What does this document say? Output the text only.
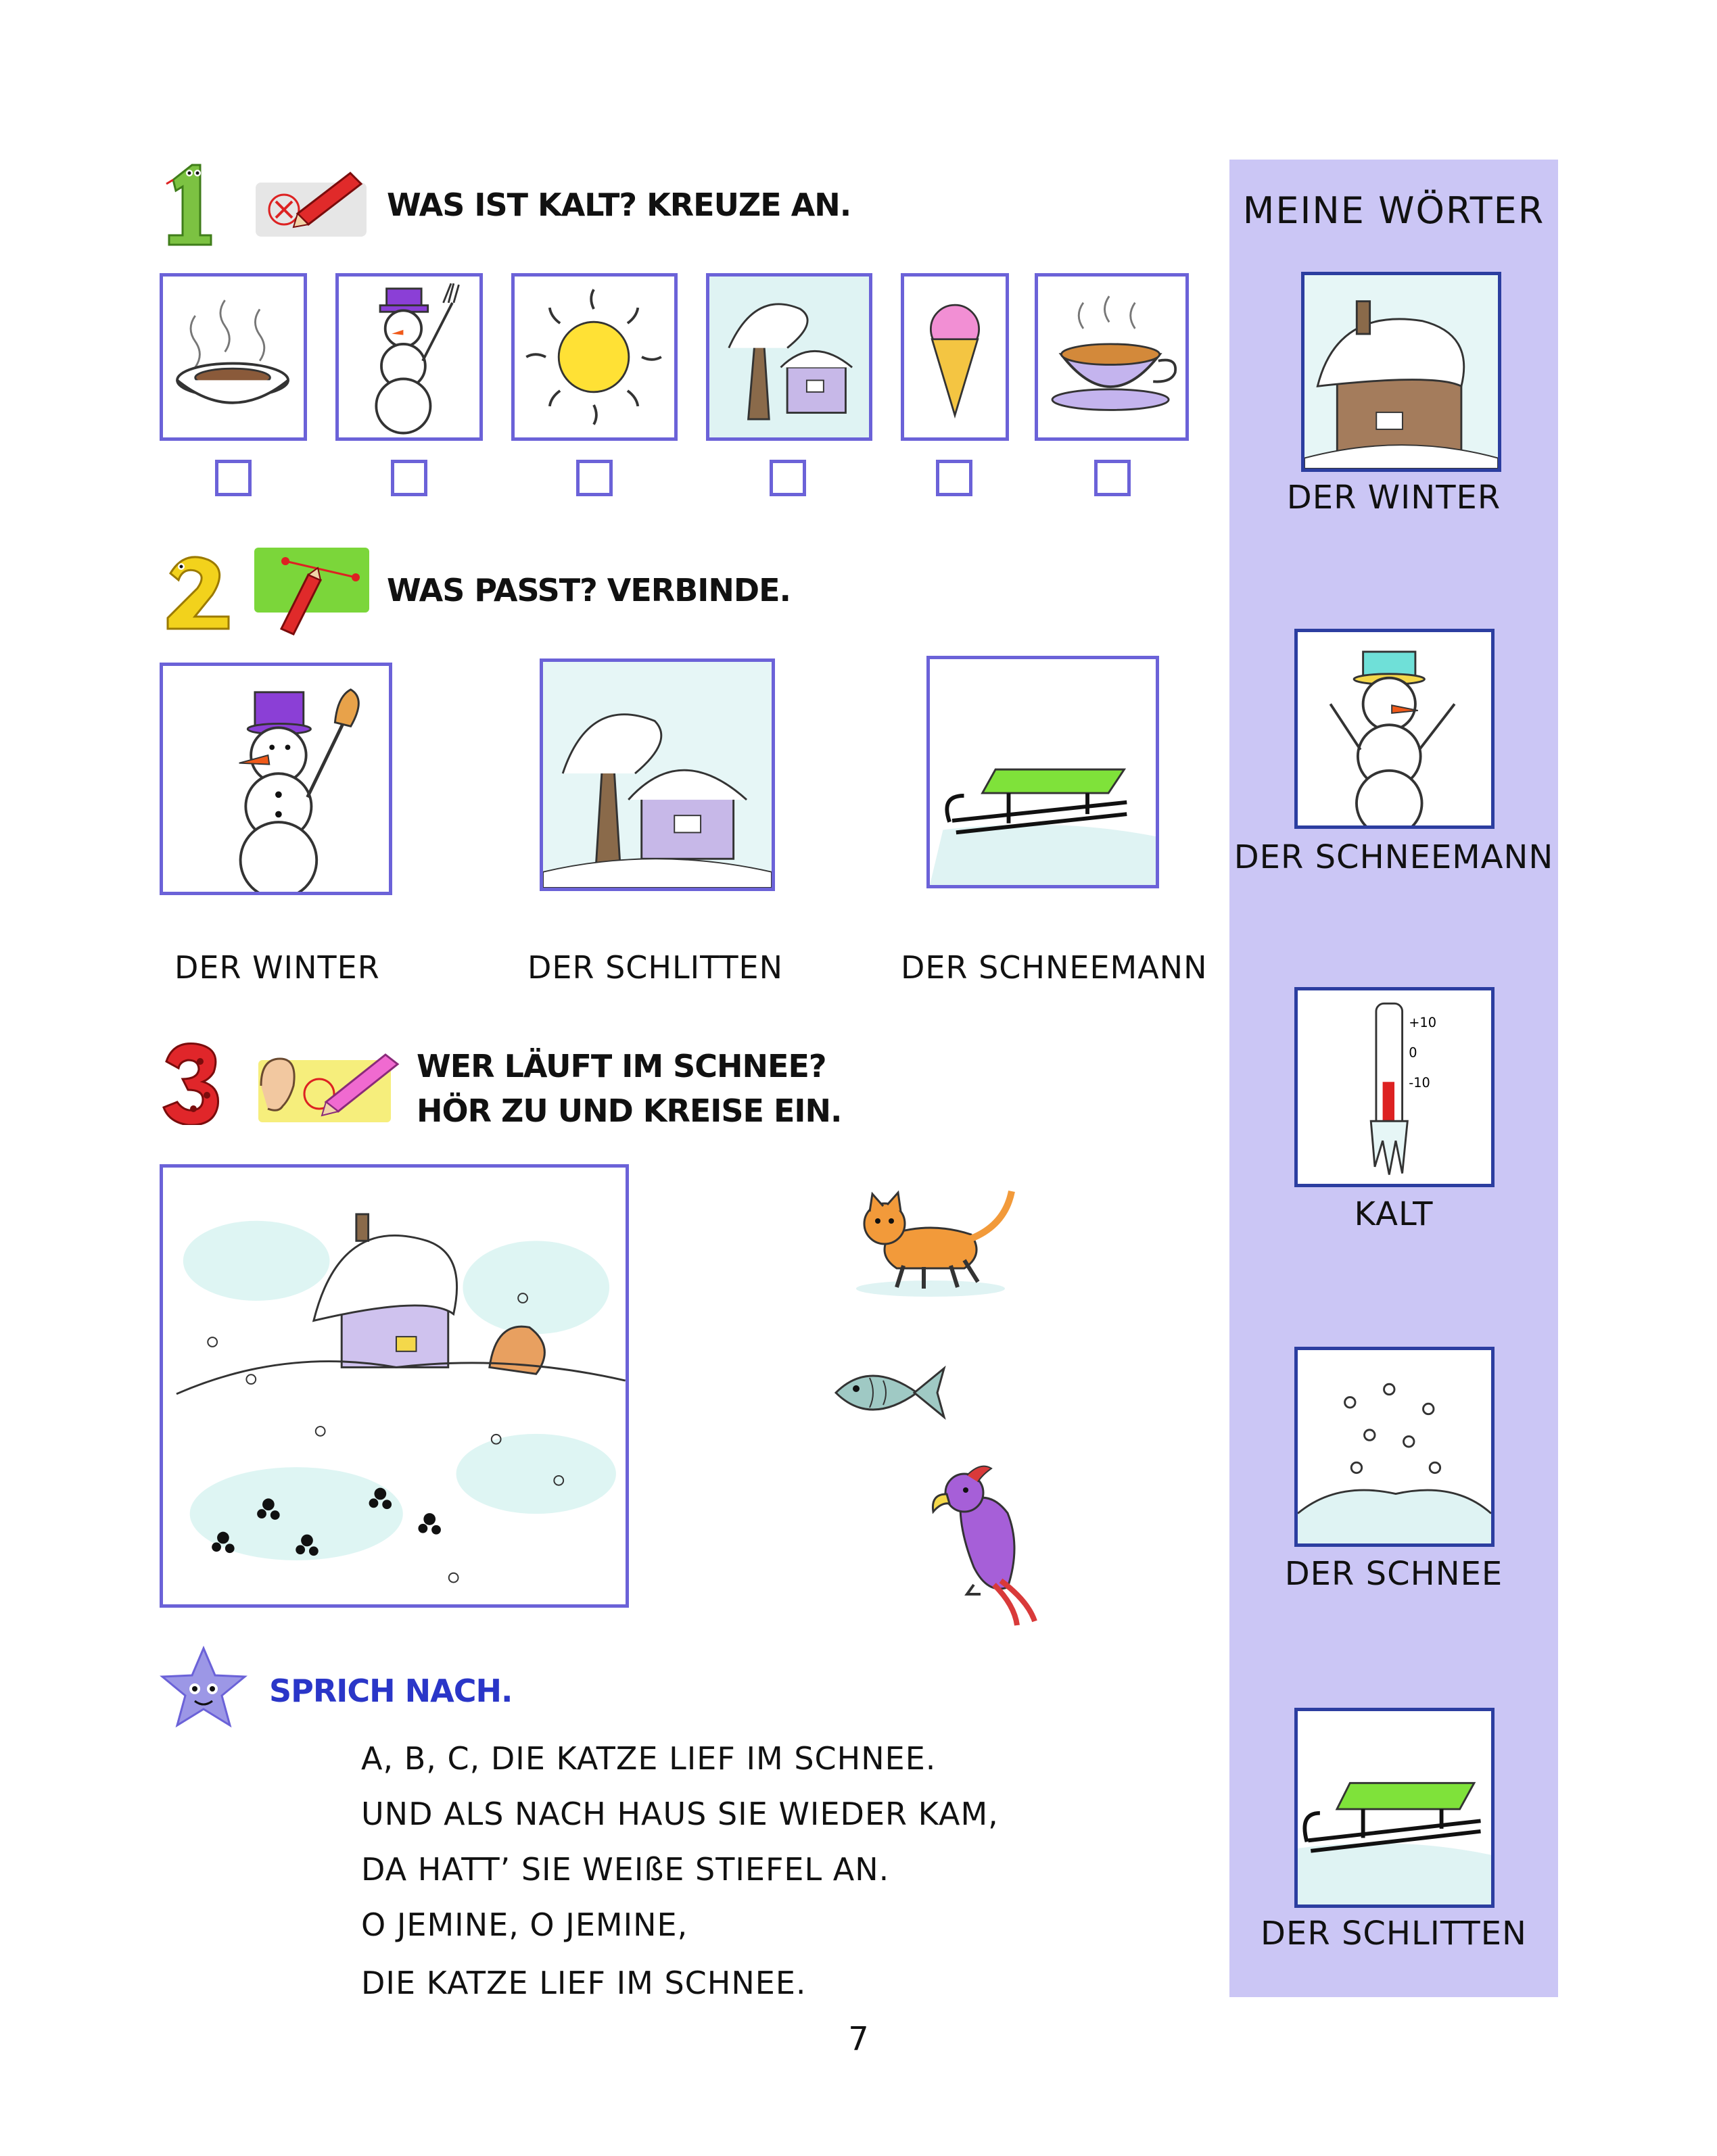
WAS IST KALT? KREUZE AN.
WAS PASST? VERBINDE.
DER WINTER	DER SCHLITTEN	DER SCHNEEMANN
WER LÄUFT IM SCHNEE?
HÖR ZU UND KREISE EIN.
SPRICH NACH.
A, B, C, DIE KATZE LIEF IM SCHNEE.
UND ALS NACH HAUS SIE WIEDER KAM,
DA HATT’ SIE WEIßE STIEFEL AN.
O JEMINE, O JEMINE,
DIE KATZE LIEF IM SCHNEE.
7
MEINE WÖRTER
DER WINTER
DER SCHNEEMANN
+10
0
-10
KALT
DER SCHNEE
DER SCHLITTEN
